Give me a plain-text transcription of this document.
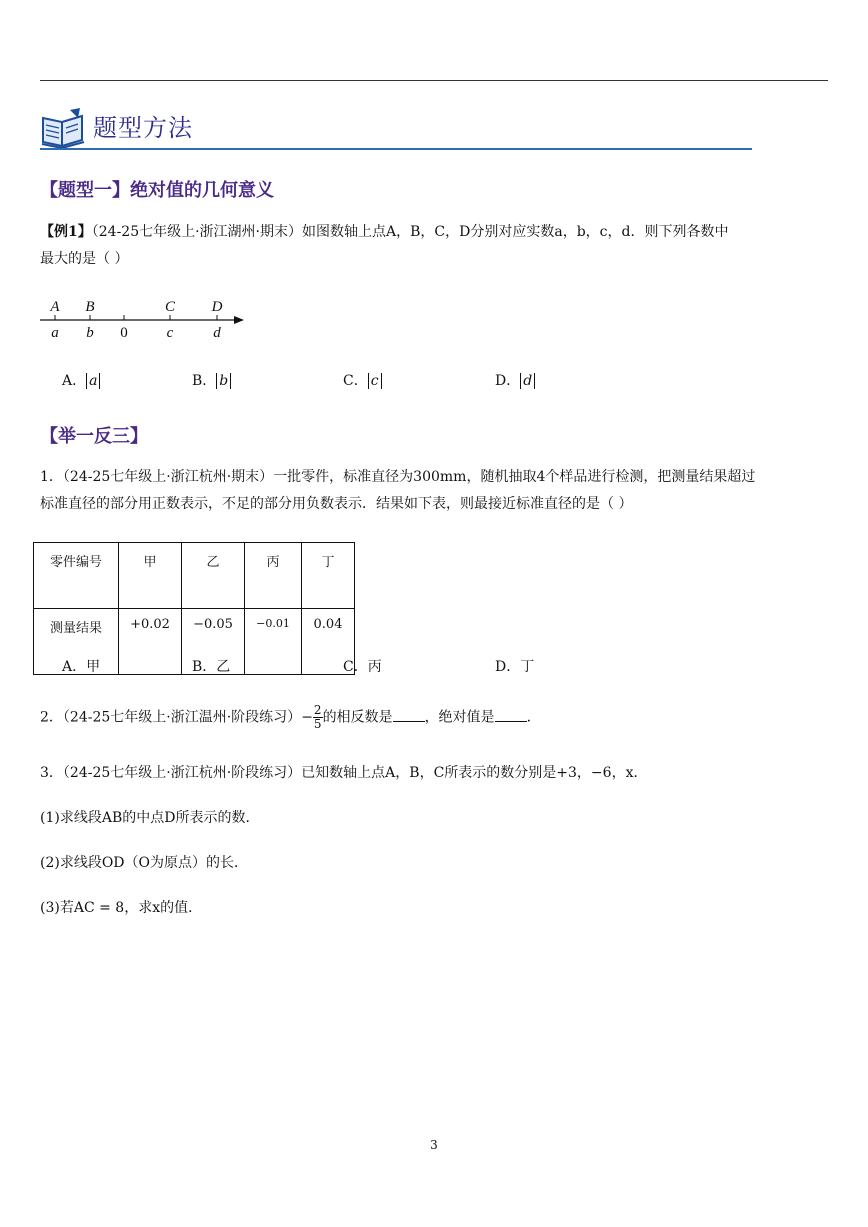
题型方法
【题型一】绝对值的几何意义
【例1】（24-25七年级上·浙江湖州·期末）如图数轴上点A，B，C，D分别对应实数a，b，c，d．则下列各数中
最大的是（ ）
A B	C D
a b 0	c	d
A． a	B． b	C． c	D． d
【举一反三】
1．（24-25七年级上·浙江杭州·期末）一批零件，标准直径为300mm，随机抽取4个样品进行检测，把测量结果超过
标准直径的部分用正数表示，不足的部分用负数表示．结果如下表，则最接近标准直径的是（ ）
零件编号	甲	乙	丙	丁
测量结果	+0.02	−0.05	−0.01	0.04
A．甲	B．乙	C．丙	D．丁
2．（24-25七年级上·浙江温州·阶段练习）− $\frac{2}{5}$ 的相反数是 ，绝对值是 ．
3．（24-25七年级上·浙江杭州·阶段练习）已知数轴上点A，B，C所表示的数分别是+3，−6，x．
(1)求线段AB的中点D所表示的数．
(2)求线段OD（O为原点）的长．
(3)若AC = 8，求x的值．
3
